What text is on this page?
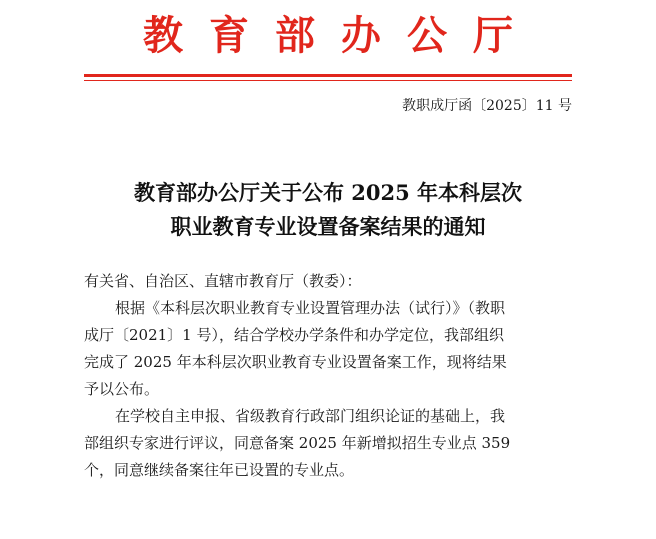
教育部办公厅
教职成厅函〔2025〕11 号
教育部办公厅关于公布 2025 年本科层次
职业教育专业设置备案结果的通知

有关省、自治区、直辖市教育厅（教委）：

根据《本科层次职业教育专业设置管理办法（试行）》（教职

成厅〔2021〕1 号），结合学校办学条件和办学定位，我部组织

完成了 2025 年本科层次职业教育专业设置备案工作，现将结果

予以公布。

在学校自主申报、省级教育行政部门组织论证的基础上，我

部组织专家进行评议，同意备案 2025 年新增拟招生专业点 359

个，同意继续备案往年已设置的专业点。
